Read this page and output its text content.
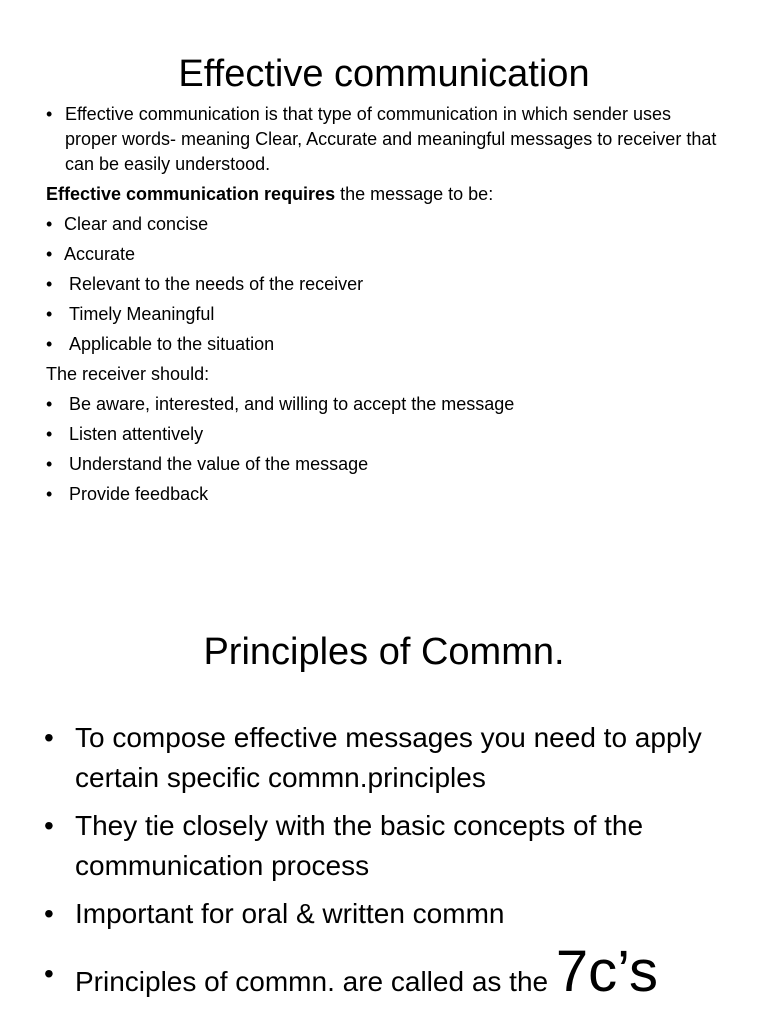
Effective communication
• Effective communication is that type of communication in which sender uses proper words- meaning Clear, Accurate and meaningful messages to receiver that can be easily understood.
Effective communication requires the message to be:
• Clear and concise
• Accurate
• Relevant to the needs of the receiver
• Timely Meaningful
• Applicable to the situation
The receiver should:
• Be aware, interested, and willing to accept the message
• Listen attentively
• Understand the value of the message
• Provide feedback
Principles of Commn.
• To compose effective messages you need to apply certain specific commn.principles
• They tie closely with the basic concepts of the communication process
• Important for oral & written commn
• Principles of commn. are called as the 7c’s
